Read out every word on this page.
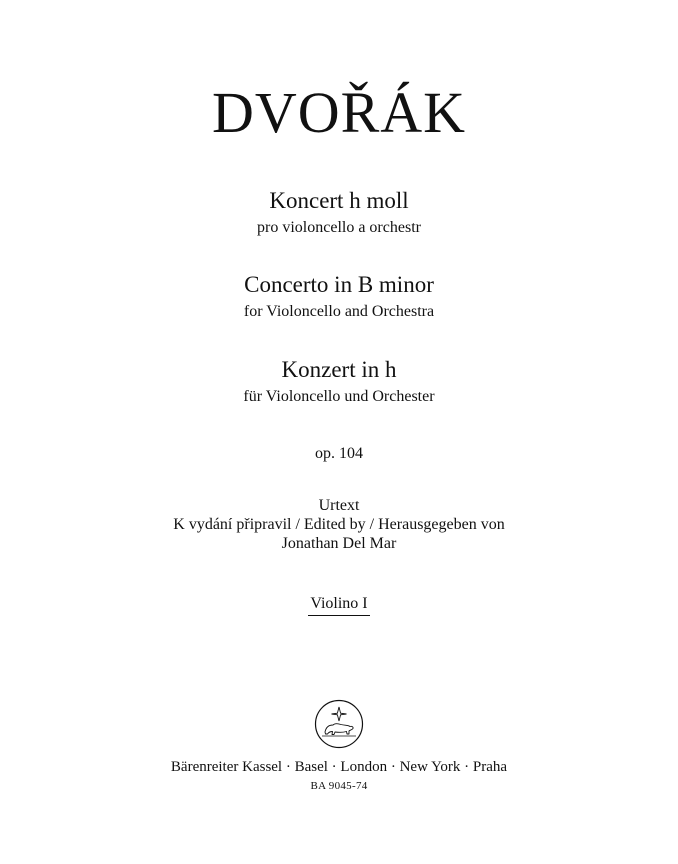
DVOŘÁK
Koncert h moll
pro violoncello a orchestr
Concerto in B minor
for Violoncello and Orchestra
Konzert in h
für Violoncello und Orchester
op. 104
Urtext
K vydání připravil / Edited by / Herausgegeben von
Jonathan Del Mar
Violino I
Bärenreiter Kassel · Basel · London · New York · Praha
BA 9045-74
